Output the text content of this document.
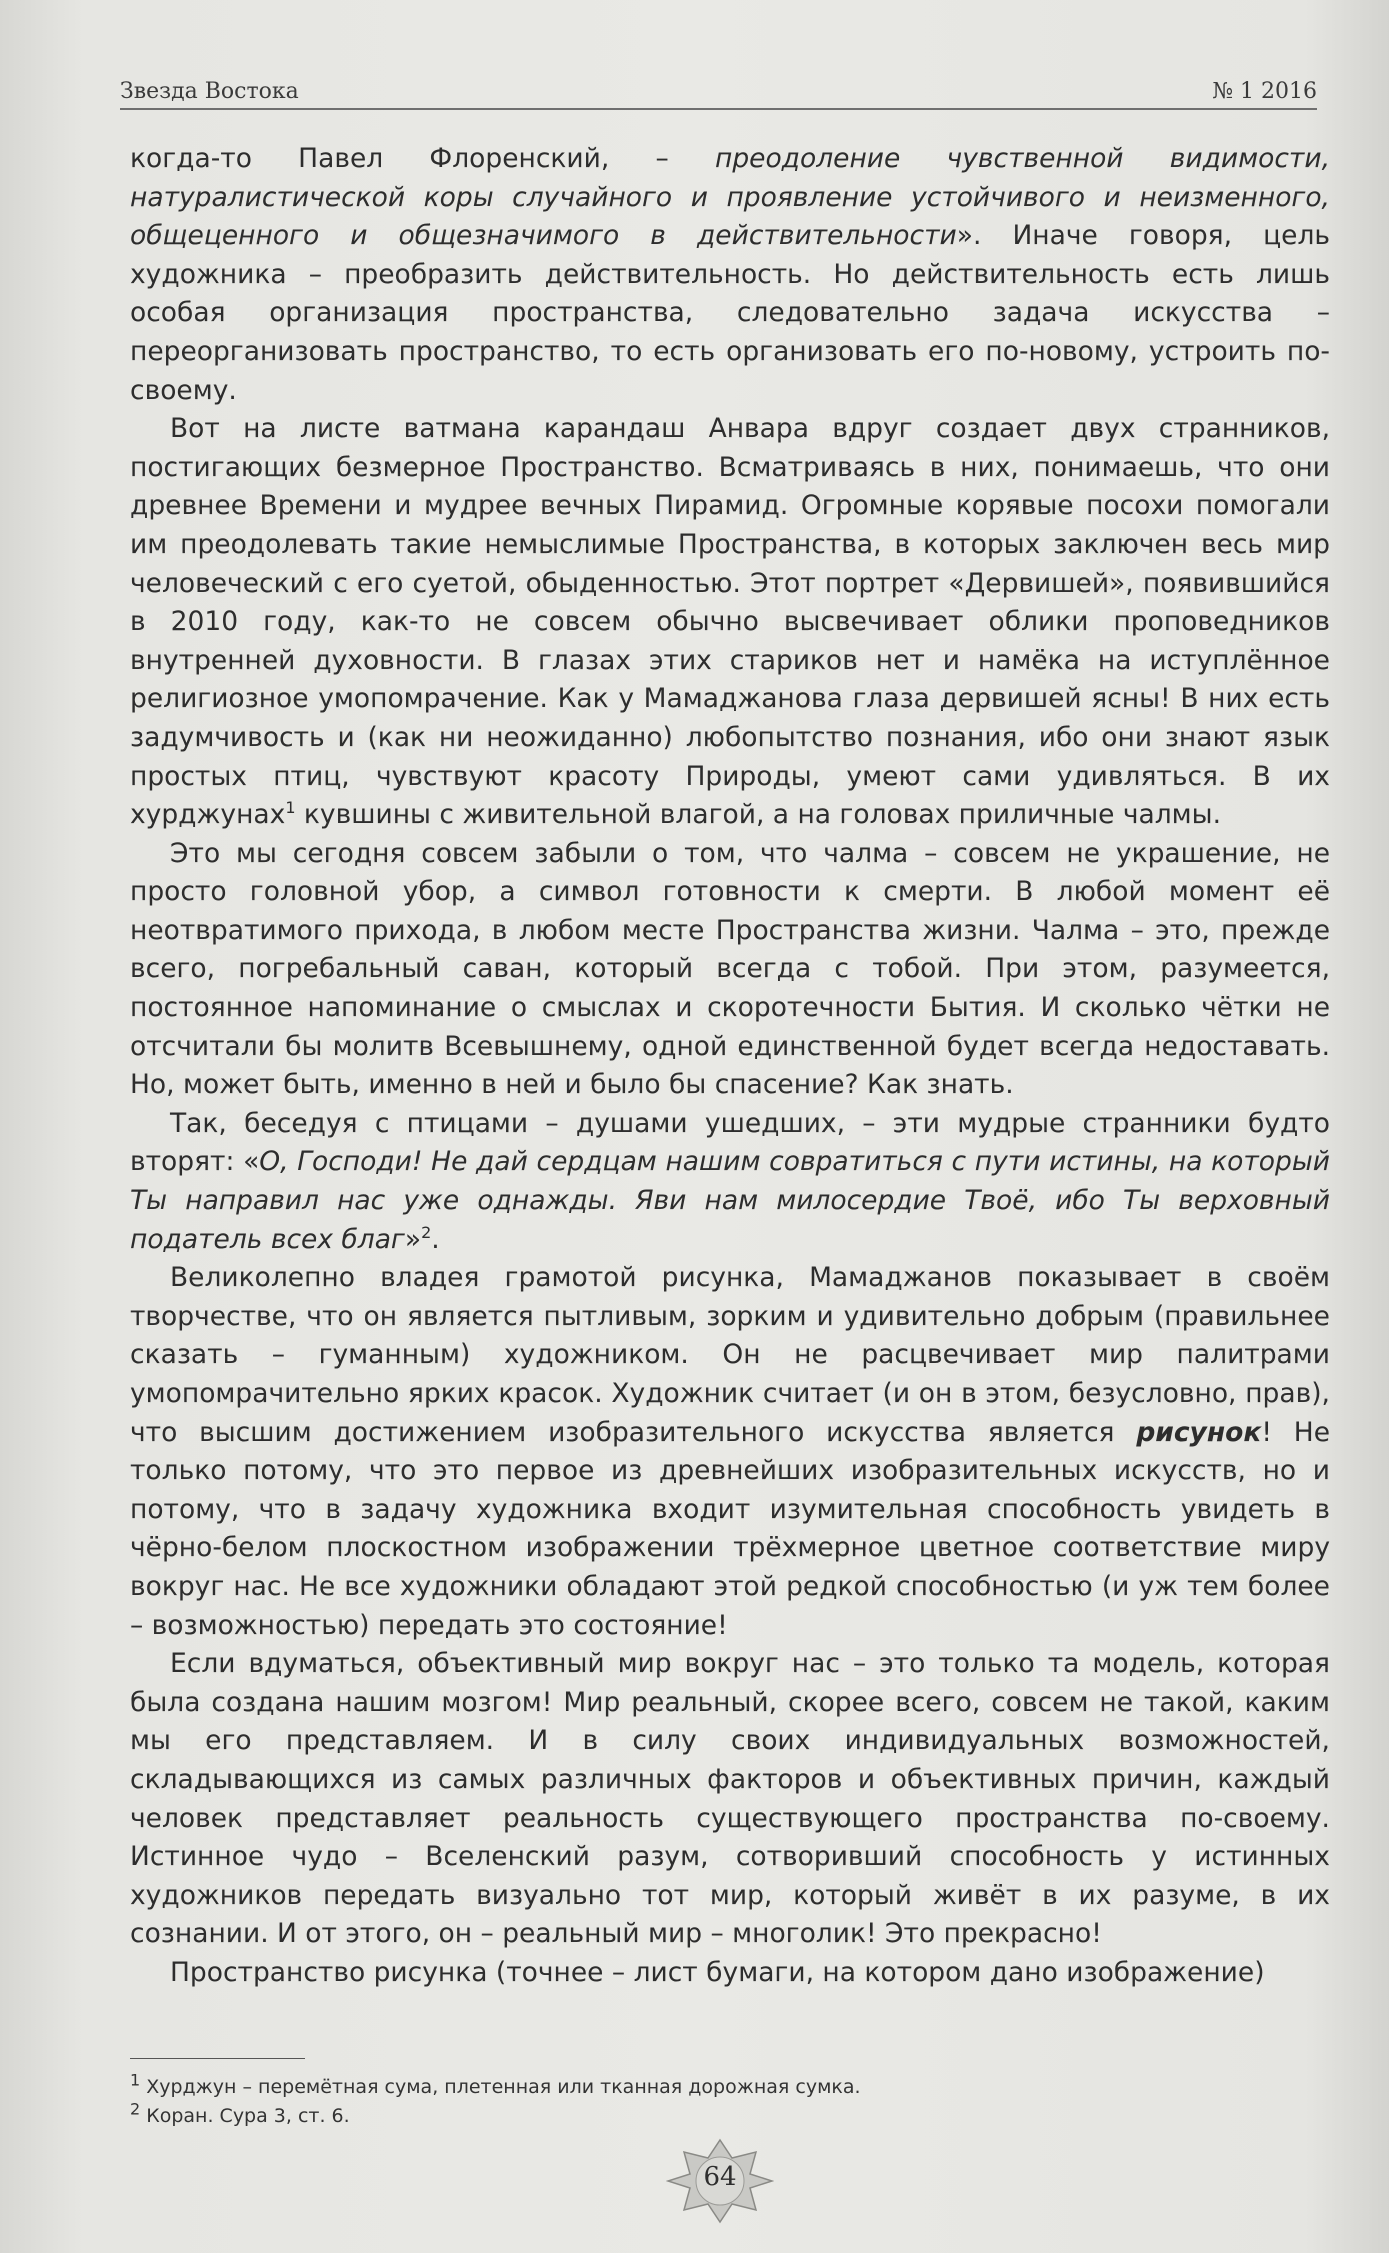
Звезда Востока	№ 1 2016

когда-то Павел Флоренский, – преодоление чувственной видимости, натуралистической коры случайного и проявление устойчивого и неизменного, общеценного и общезначимого в действительности». Иначе говоря, цель художника – преобразить действительность. Но действительность есть лишь особая организация пространства, следовательно задача искусства – переорганизовать пространство, то есть организовать его по-новому, устроить по-своему.

Вот на листе ватмана карандаш Анвара вдруг создает двух странников, постигающих безмерное Пространство. Всматриваясь в них, понимаешь, что они древнее Времени и мудрее вечных Пирамид. Огромные корявые посохи помогали им преодолевать такие немыслимые Пространства, в которых заключен весь мир человеческий с его суетой, обыденностью. Этот портрет «Дервишей», появившийся в 2010 году, как-то не совсем обычно высвечивает облики проповедников внутренней духовности. В глазах этих стариков нет и намёка на иступлённое религиозное умопомрачение. Как у Мамаджанова глаза дервишей ясны! В них есть задумчивость и (как ни неожиданно) любопытство познания, ибо они знают язык простых птиц, чувствуют красоту Природы, умеют сами удивляться. В их хурджунах$^1$ кувшины с живительной влагой, а на головах приличные чалмы.

Это мы сегодня совсем забыли о том, что чалма – совсем не украшение, не просто головной убор, а символ готовности к смерти. В любой момент её неотвратимого прихода, в любом месте Пространства жизни. Чалма – это, прежде всего, погребальный саван, который всегда с тобой. При этом, разумеется, постоянное напоминание о смыслах и скоротечности Бытия. И сколько чётки не отсчитали бы молитв Всевышнему, одной единственной будет всегда недоставать. Но, может быть, именно в ней и было бы спасение? Как знать.

Так, беседуя с птицами – душами ушедших, – эти мудрые странники будто вторят: «О, Господи! Не дай сердцам нашим совратиться с пути истины, на который Ты направил нас уже однажды. Яви нам милосердие Твоё, ибо Ты верховный податель всех благ»$^2$.

Великолепно владея грамотой рисунка, Мамаджанов показывает в своём творчестве, что он является пытливым, зорким и удивительно добрым (правильнее сказать – гуманным) художником. Он не расцвечивает мир палитрами умопомрачительно ярких красок. Художник считает (и он в этом, безусловно, прав), что высшим достижением изобразительного искусства является рисунок! Не только потому, что это первое из древнейших изобразительных искусств, но и потому, что в задачу художника входит изумительная способность увидеть в чёрно-белом плоскостном изображении трёхмерное цветное соответствие миру вокруг нас. Не все художники обладают этой редкой способностью (и уж тем более – возможностью) передать это состояние!

Если вдуматься, объективный мир вокруг нас – это только та модель, которая была создана нашим мозгом! Мир реальный, скорее всего, совсем не такой, каким мы его представляем. И в силу своих индивидуальных возможностей, складывающихся из самых различных факторов и объективных причин, каждый человек представляет реальность существующего пространства по-своему. Истинное чудо – Вселенский разум, сотворивший способность у истинных художников передать визуально тот мир, который живёт в их разуме, в их сознании. И от этого, он – реальный мир – многолик! Это прекрасно!

Пространство рисунка (точнее – лист бумаги, на котором дано изображение)

$^1$ Хурджун – перемётная сума, плетенная или тканная дорожная сумка.
$^2$ Коран. Сура 3, ст. 6.
64
